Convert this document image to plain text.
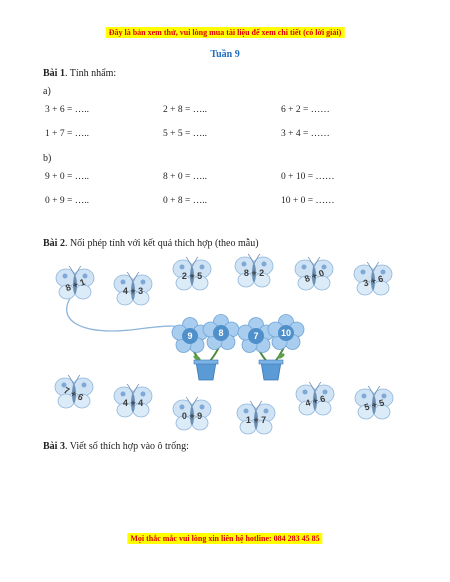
Đây là bản xem thử, vui lòng mua tài liệu để xem chi tiết (có lời giải)
Tuần 9
Bài 1. Tính nhẩm:
a)
3 + 6 = …..	2 + 8 = …..	6 + 2 = ……
1 + 7 = …..	5 + 5 = …..	3 + 4 = ……
b)
9 + 0 = …..	8 + 0 = …..	0 + 10 = ……
0 + 9 = …..	0 + 8 = …..	10 + 0 = ……
Bài 2. Nối phép tính với kết quả thích hợp (theo mẫu)
8 + 1	4 + 3
2 + 5	8 + 2	8 + 0	3 + 6
9	8	7 10
7 + 6
4 + 4
0 + 9	1 + 7
4 + 6	5 + 5
Bài 3. Viết số thích hợp vào ô trống:
Mọi thắc mắc vui lòng xin liên hệ hotline: 084 283 45 85
